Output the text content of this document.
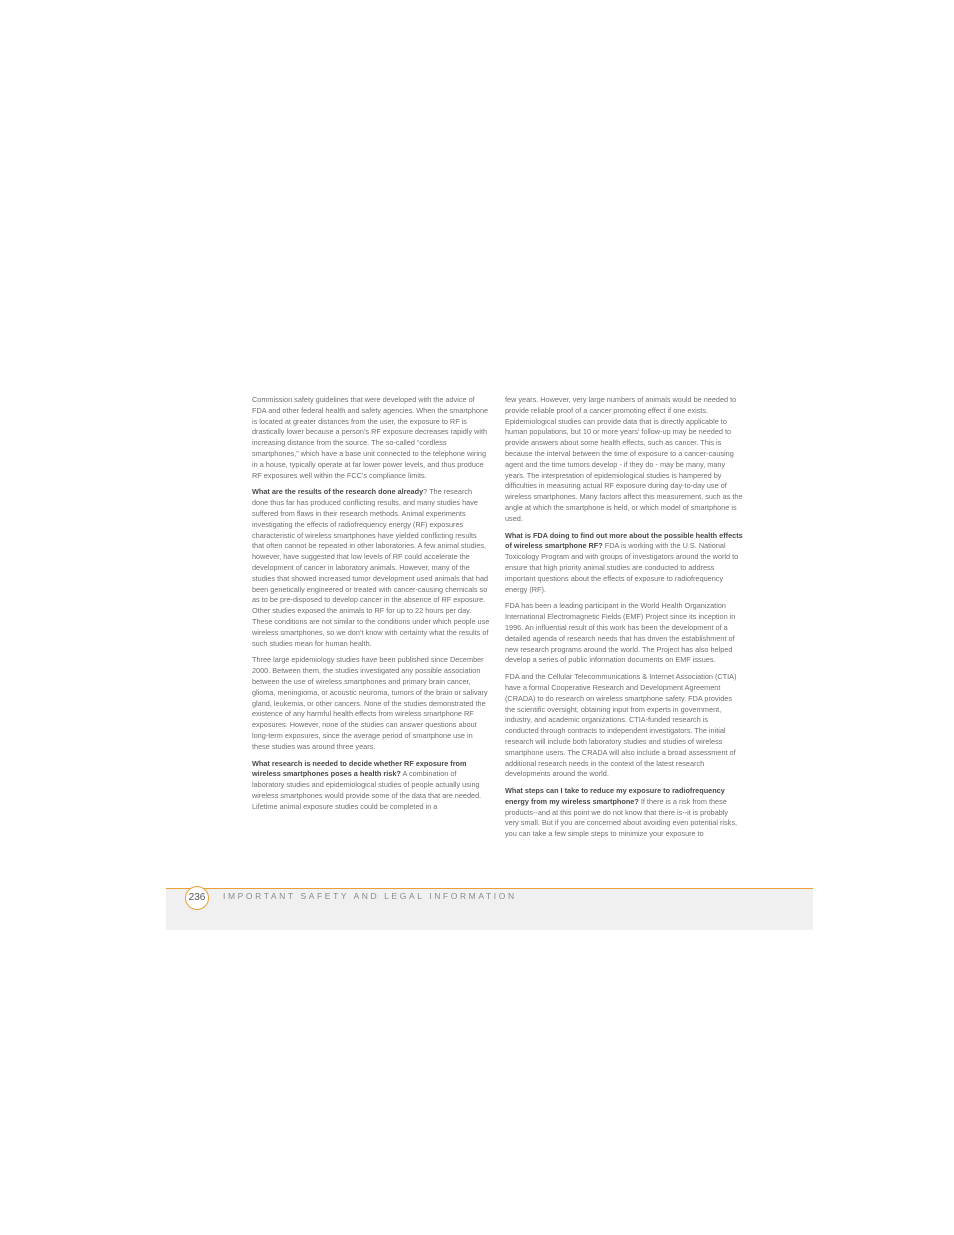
Commission safety guidelines that were developed with the advice of FDA and other federal health and safety agencies. When the smartphone is located at greater distances from the user, the exposure to RF is drastically lower because a person’s RF exposure decreases rapidly with increasing distance from the source. The so-called “cordless smartphones,” which have a base unit connected to the telephone wiring in a house, typically operate at far lower power levels, and thus produce RF exposures well within the FCC’s compliance limits.

What are the results of the research done already? The research done thus far has produced conflicting results, and many studies have suffered from flaws in their research methods. Animal experiments investigating the effects of radiofrequency energy (RF) exposures characteristic of wireless smartphones have yielded conflicting results that often cannot be repeated in other laboratories. A few animal studies, however, have suggested that low levels of RF could accelerate the development of cancer in laboratory animals. However, many of the studies that showed increased tumor development used animals that had been genetically engineered or treated with cancer-causing chemicals so as to be pre-disposed to develop cancer in the absence of RF exposure. Other studies exposed the animals to RF for up to 22 hours per day. These conditions are not similar to the conditions under which people use wireless smartphones, so we don’t know with certainty what the results of such studies mean for human health.

Three large epidemiology studies have been published since December 2000. Between them, the studies investigated any possible association between the use of wireless smartphones and primary brain cancer, glioma, meningioma, or acoustic neuroma, tumors of the brain or salivary gland, leukemia, or other cancers. None of the studies demonstrated the existence of any harmful health effects from wireless smartphone RF exposures. However, none of the studies can answer questions about long-term exposures, since the average period of smartphone use in these studies was around three years.

What research is needed to decide whether RF exposure from wireless smartphones poses a health risk? A combination of laboratory studies and epidemiological studies of people actually using wireless smartphones would provide some of the data that are needed. Lifetime animal exposure studies could be completed in a

few years. However, very large numbers of animals would be needed to provide reliable proof of a cancer promoting effect if one exists. Epidemiological studies can provide data that is directly applicable to human populations, but 10 or more years’ follow-up may be needed to provide answers about some health effects, such as cancer. This is because the interval between the time of exposure to a cancer-causing agent and the time tumors develop - if they do - may be many, many years. The interpretation of epidemiological studies is hampered by difficulties in measuring actual RF exposure during day-to-day use of wireless smartphones. Many factors affect this measurement, such as the angle at which the smartphone is held, or which model of smartphone is used.

What is FDA doing to find out more about the possible health effects of wireless smartphone RF? FDA is working with the U.S. National Toxicology Program and with groups of investigators around the world to ensure that high priority animal studies are conducted to address important questions about the effects of exposure to radiofrequency energy (RF).

FDA has been a leading participant in the World Health Organization International Electromagnetic Fields (EMF) Project since its inception in 1996. An influential result of this work has been the development of a detailed agenda of research needs that has driven the establishment of new research programs around the world. The Project has also helped develop a series of public information documents on EMF issues.

FDA and the Cellular Telecommunications & Internet Association (CTIA) have a formal Cooperative Research and Development Agreement (CRADA) to do research on wireless smartphone safety. FDA provides the scientific oversight, obtaining input from experts in government, industry, and academic organizations. CTIA-funded research is conducted through contracts to independent investigators. The initial research will include both laboratory studies and studies of wireless smartphone users. The CRADA will also include a broad assessment of additional research needs in the context of the latest research developments around the world.

What steps can I take to reduce my exposure to radiofrequency energy from my wireless smartphone? If there is a risk from these products--and at this point we do not know that there is--it is probably very small. But if you are concerned about avoiding even potential risks, you can take a few simple steps to minimize your exposure to

236	IMPORTANT SAFETY AND LEGAL INFORMATION
